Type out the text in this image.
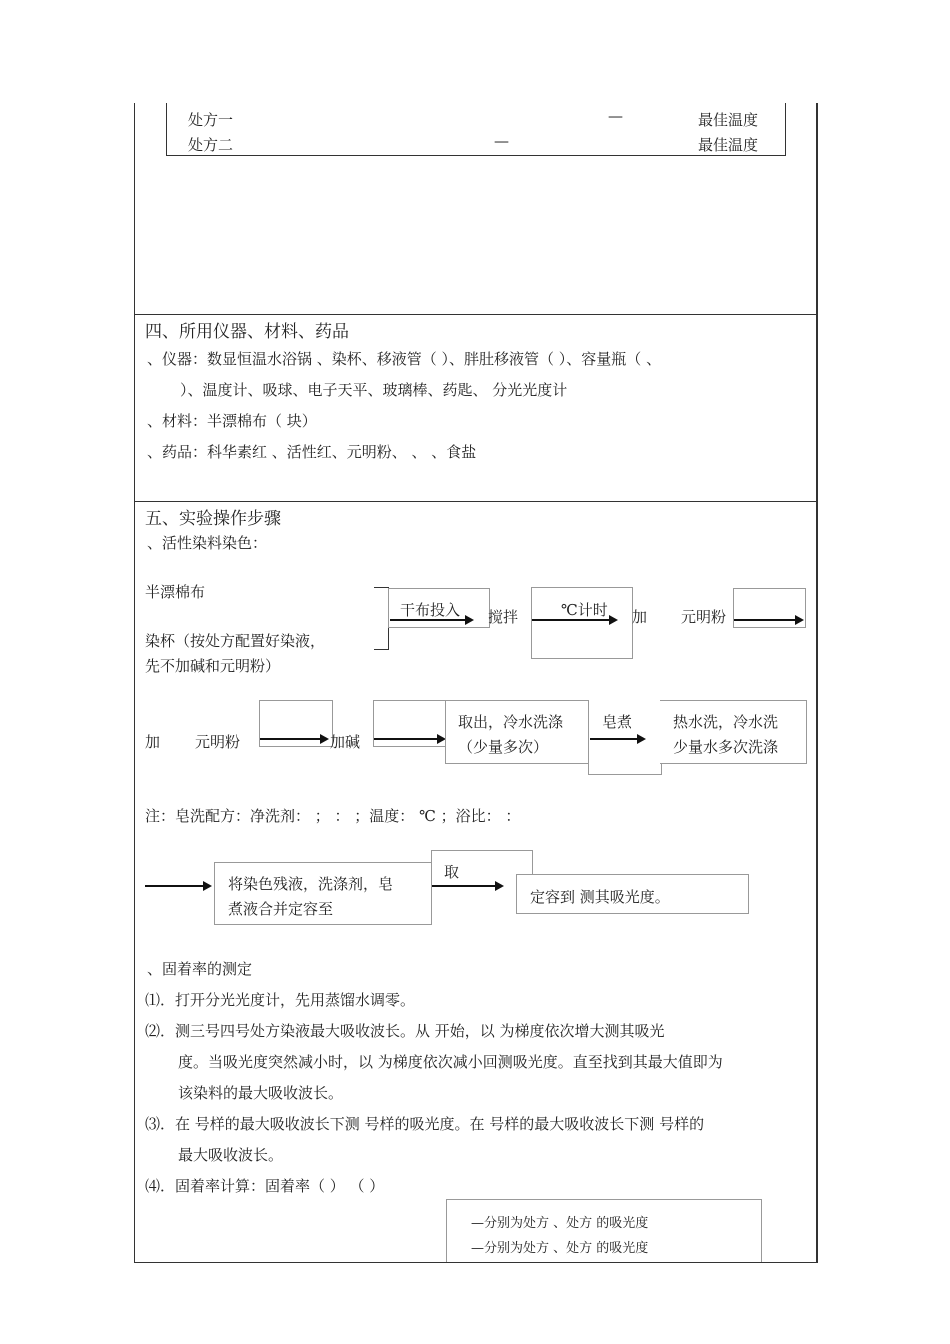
处方一	—	最佳温度
处方二	—	最佳温度
四、所用仪器、材料、药品
、仪器：数显恒温水浴锅 、染杯、移液管（ ）、胖肚移液管（ ）、容量瓶（ 、
）、温度计、吸球、电子天平、玻璃棒、药匙、 分光光度计
、材料：半漂棉布（ 块）
、药品：科华素红 、活性红、元明粉、 、 、食盐
五、实验操作步骤
、活性染料染色：
半漂棉布
染杯（按处方配置好染液，
先不加碱和元明粉）
干布投入 搅拌	℃计时 加 元明粉
加 元明粉	加碱
取出，冷水洗涤
（少量多次）
皂煮	热水洗，冷水洗
少量水多次洗涤
注：皂洗配方：净洗剂： ； ： ；温度： ℃ ；浴比： ：
将染色残液，洗涤剂，皂
煮液合并定容至
取
定容到 测其吸光度。
、固着率的测定
⑴．打开分光光度计，先用蒸馏水调零。
⑵．测三号四号处方染液最大吸收波长。从 开始，以 为梯度依次增大测其吸光
度。当吸光度突然减小时，以 为梯度依次减小回测吸光度。直至找到其最大值即为
该染料的最大吸收波长。
⑶．在 号样的最大吸收波长下测 号样的吸光度。在 号样的最大吸收波长下测 号样的
最大吸收波长。
⑷．固着率计算：固着率（ ） （ ）
—分别为处方 、处方 的吸光度
—分别为处方 、处方 的吸光度
